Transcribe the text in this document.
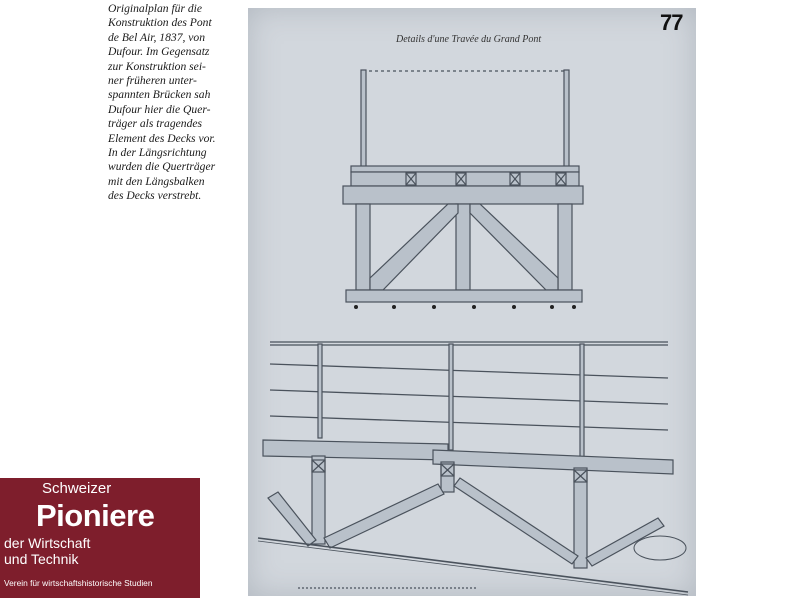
Originalplan für die
Konstruktion des Pont
de Bel Air, 1837, von
Dufour. Im Gegensatz
zur Konstruktion sei-
ner früheren unter-
spannten Brücken sah
Dufour hier die Quer-
träger als tragendes
Element des Decks vor.
In der Längsrichtung
wurden die Querträger
mit den Längsbalken
des Decks verstrebt.
Details d'une Travée du Grand Pont
77
Schweizer
Pioniere
der Wirtschaft
und Technik
Verein für wirtschaftshistorische Studien
